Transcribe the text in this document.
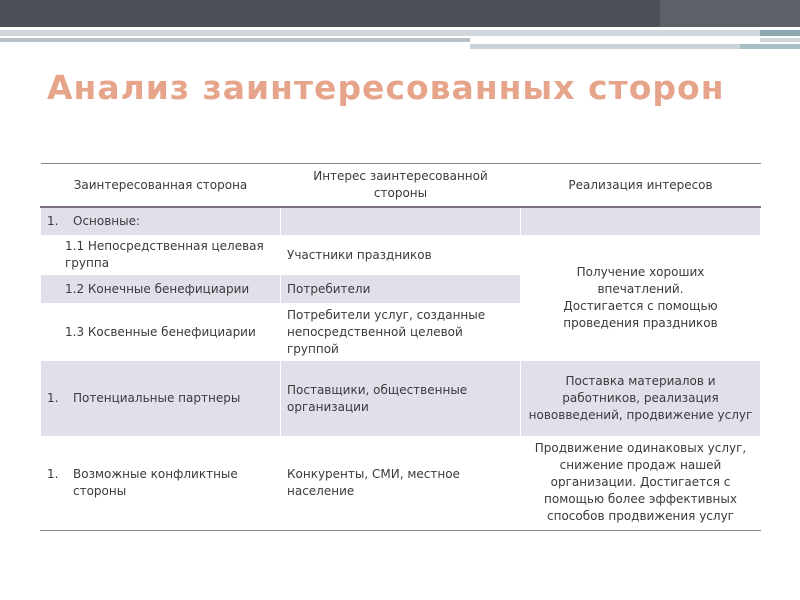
Анализ заинтересованных сторон
Заинтересованная сторона	Интерес заинтересованной стороны	Реализация интересов
1. Основные:		
1.1 Непосредственная целевая группа	Участники праздников	Получение хороших впечатлений. Достигается с помощью проведения праздников
1.2 Конечные бенефициарии	Потребители	
1.3 Косвенные бенефициарии	Потребители услуг, созданные непосредственной целевой группой	
1. Потенциальные партнеры	Поставщики, общественные организации	Поставка материалов и работников, реализация нововведений, продвижение услуг

1. Возможные конфликтные стороны	Конкуренты, СМИ, местное население	Продвижение одинаковых услуг, снижение продаж нашей организации. Достигается с помощью более эффективных способов продвижения услуг
